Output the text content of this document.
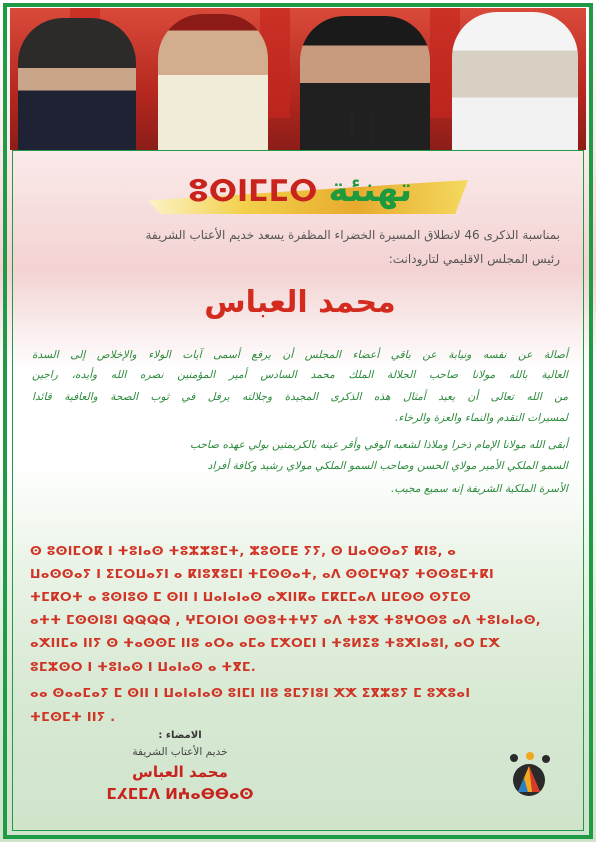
تهنئة ⵓⵙⵏⵎⵎⵔ
بمناسبة الذكرى 46 لانطلاق المسيرة الخضراء المظفرة يسعد خديم الأعتاب الشريفة
رئيس المجلس الاقليمي لتارودانت:
محمد العباس
أصالة عن نفسه ونيابة عن باقي أعضاء المجلس أن يرفع أسمى آيات الولاء والإخلاص إلى السدة
العالية بالله مولانا صاحب الجلالة الملك محمد السادس أمير المؤمنين نصره الله وأيده، راجين
من الله تعالى أن يعيد أمثال هذه الذكرى المجيدة وجلالته يرفل في ثوب الصحة والعافية قائدا
لمسيرات التقدم والنماء والعزة والرخاء.
أبقى الله مولانا الإمام ذخرا وملاذا لشعبه الوفي وأقر عينه بالكريمتين بولي عهده صاحب
السمو الملكي الأمير مولاي الحسن وصاحب السمو الملكي مولاي رشيد وكافة أفراد
الأسرة الملكية الشريفة إنه سميع مجيب.
ⵙ ⵓⵙⵏⵎⵔⴽ ⵏ ⵜⵓⵏⴰⵙ ⵜⵓⵣⵣⵓⵎⵜ, ⵣⵓⵙⵎⴹ ⵢⵢ, ⵙ ⵡⴰⵙⵙⴰⵢ ⴽⵏⵓ, ⴰ
ⵡⴰⵙⵙⴰⵢ ⵏ ⵉⵎⵔⵡⴰⵢⵏ ⴰ ⴽⵏⵓⴳⵓⵎⵏ ⵜⵎⵙⵙⴰⵜ, ⴰⴷ ⵙⵙⵎⵖⵕⵢ ⵜⵙⵙⵓⵎⵜⴽⵏ
ⵜⵎⴽⵔⵜ ⴰ ⵓⵙⵏⵓⵙ ⵎ ⵙⵏⵏ ⵏ ⵡⴰⵏⴰⵏⴰⵙ ⴰⵅⵏⵏⴽⴰ ⵎⴽⵎⵎⴰⴷ ⵡⵎⵙⵙ ⵙⵢⵎⵙ
ⴰⵜⵜ ⵎⵙⵙⵏⵓⵏ ⵕⵕⵕⵕ , ⵖⵎⵔⵏⵔⵏ ⵙⵙⵓⵜⵜⵖⵢ ⴰⴷ ⵜⵓⵅ ⵜⵓⵖⵔⵙⵓ ⴰⴷ ⵜⵓⵏⴰⵏⴰⵙ,
ⴰⵅⵏⵏⵎⴰ ⵏⵏⵢ ⵙ ⵜⴰⵙⵙⵎ ⵏⵏⵓ ⴰⵔⴰ ⴰⵎⴰ ⵎⵅⵔⵎⵏ ⵏ ⵜⵓⵍⵉⵓ ⵜⵓⵅⵏⴰⵓⵏ, ⴰⵔ ⵎⵅ
ⵓⵎⵣⵙⵔ ⵏ ⵜⵓⵏⴰⵙ ⵏ ⵡⴰⵏⴰⵙ ⴰ ⵜⴳⵎ.
ⴰⴰ ⵙⴰⴰⵎⴰⵢ ⵎ ⵙⵏⵏ ⵏ ⵡⴰⵏⴰⵏⴰⵙ ⵓⵏⵎⵏ ⵏⵏⵓ ⵓⵎⵢⵏⵓⵏ ⵅⵅ ⵉⴳⵣⵓⵢ ⵎ ⵓⵅⵓⴰⵏ
ⵜⵎⵙⵎⵜ ⵏⵏⵢ .
الامضاء :
خديم الأعتاب الشريفة
محمد العباس
ⵎⵃⵎⵎⴷ ⵍⵄⴰⴱⴱⴰⵙ
